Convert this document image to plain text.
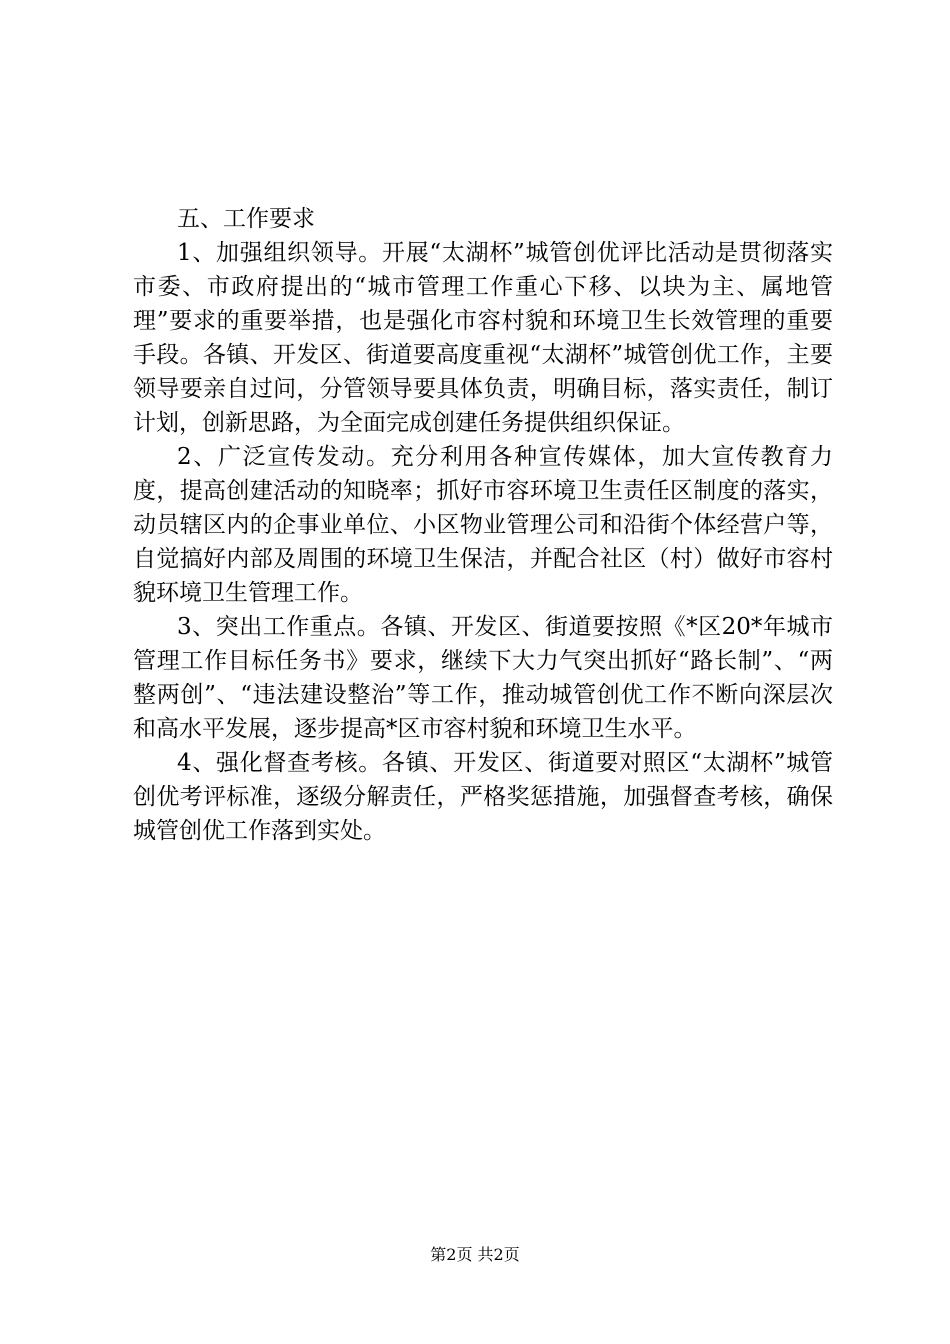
五、工作要求

1、加强组织领导。开展“太湖杯”城管创优评比活动是贯彻落实市委、市政府提出的“城市管理工作重心下移、以块为主、属地管理”要求的重要举措，也是强化市容村貌和环境卫生长效管理的重要手段。各镇、开发区、街道要高度重视“太湖杯”城管创优工作，主要领导要亲自过问，分管领导要具体负责，明确目标，落实责任，制订计划，创新思路，为全面完成创建任务提供组织保证。

2、广泛宣传发动。充分利用各种宣传媒体，加大宣传教育力度，提高创建活动的知晓率；抓好市容环境卫生责任区制度的落实，动员辖区内的企事业单位、小区物业管理公司和沿街个体经营户等，自觉搞好内部及周围的环境卫生保洁，并配合社区（村）做好市容村貌环境卫生管理工作。

3、突出工作重点。各镇、开发区、街道要按照《*区20*年城市管理工作目标任务书》要求，继续下大力气突出抓好“路长制”、“两整两创”、“违法建设整治”等工作，推动城管创优工作不断向深层次和高水平发展，逐步提高*区市容村貌和环境卫生水平。

4、强化督查考核。各镇、开发区、街道要对照区“太湖杯”城管创优考评标准，逐级分解责任，严格奖惩措施，加强督查考核，确保城管创优工作落到实处。

第2页 共2页
